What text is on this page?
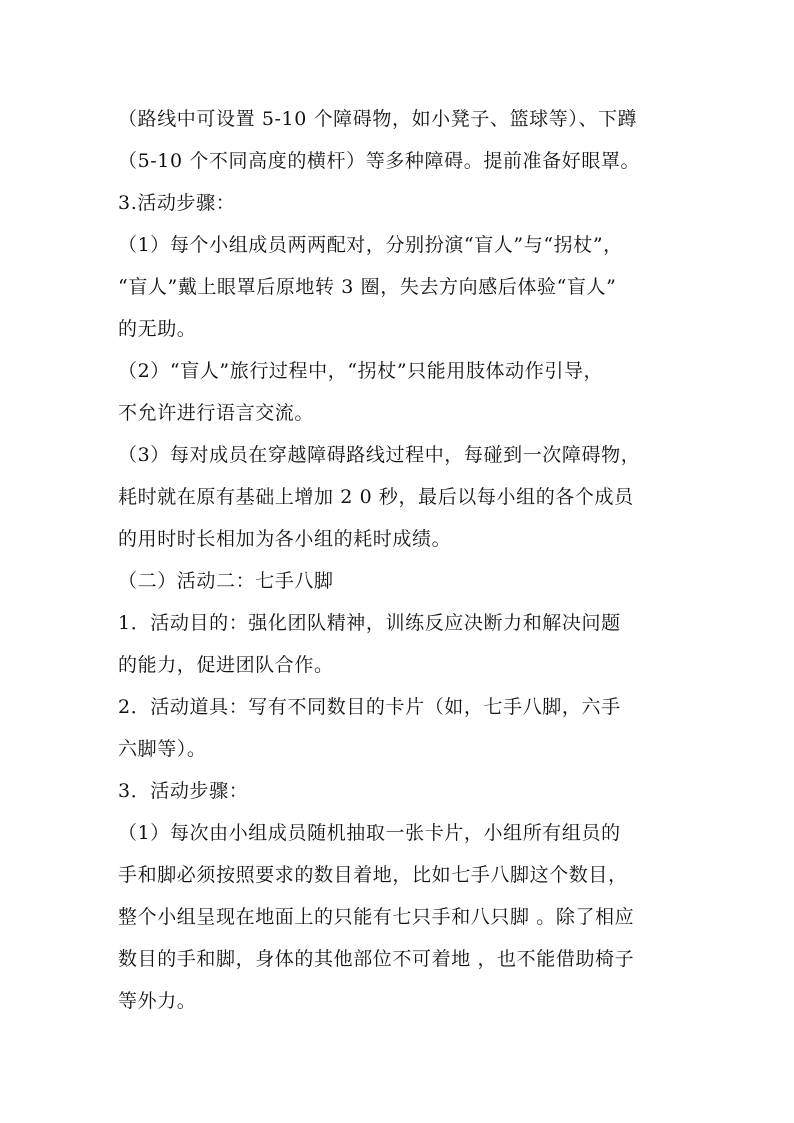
（路线中可设置 5-10 个障碍物，如小凳子、篮球等）、下蹲
（5-10 个不同高度的横杆）等多种障碍。提前准备好眼罩。
3.活动步骤：
（1）每个小组成员两两配对，分别扮演“盲人”与“拐杖”，
“盲人”戴上眼罩后原地转 3 圈，失去方向感后体验“盲人”
的无助。
（2）“盲人”旅行过程中，“拐杖”只能用肢体动作引导，
不允许进行语言交流。
（3）每对成员在穿越障碍路线过程中，每碰到一次障碍物，
耗时就在原有基础上增加 2 0 秒，最后以每小组的各个成员
的用时时长相加为各小组的耗时成绩。
（二）活动二：七手八脚
1．活动目的：强化团队精神，训练反应决断力和解决问题
的能力，促进团队合作。
2．活动道具：写有不同数目的卡片（如，七手八脚，六手
六脚等）。
3．活动步骤：
（1）每次由小组成员随机抽取一张卡片，小组所有组员的
手和脚必须按照要求的数目着地，比如七手八脚这个数目，
整个小组呈现在地面上的只能有七只手和八只脚 。除了相应
数目的手和脚，身体的其他部位不可着地 ，也不能借助椅子
等外力。
